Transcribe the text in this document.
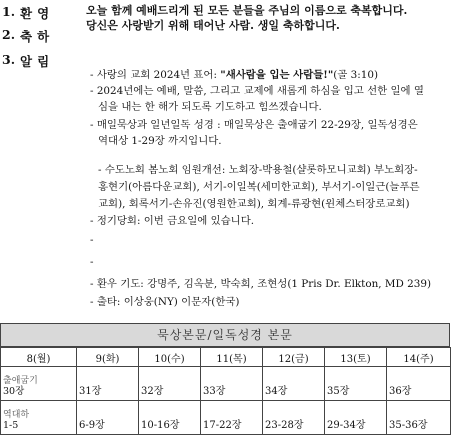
1. 환영	오늘 함께 예배드리게 된 모든 분들을 주님의 이름으로 축복합니다.
2. 축하
당신은 사랑받기 위해 태어난 사람. 생일 축하합니다.
3. 알림
- 사랑의 교회 2024년 표어: "새사람을 입는 사람들!"(골 3:10)
- 2024년에는 예배, 말씀, 그리고 교제에 새롭게 하심을 입고 선한 일에 열
심을 내는 한 해가 되도록 기도하고 힘쓰겠습니다.
- 매일묵상과 일년일독 성경 : 매일묵상은 출애굽기 22-29장, 일독성경은
역대상 1-29장 까지입니다.
- 수도노회 봄노회 임원개선: 노회장-박용철(샬롯하모니교회) 부노회장-
홍현기(아름다운교회), 서기-이일복(세미한교회), 부서기-이일근(늘푸른
교회), 회록서기-손유진(영원한교회), 회계-류광현(윈체스터장로교회)
- 정기당회: 이번 금요일에 있습니다.
-
-
- 환우 기도: 강명주, 김옥분, 박숙희, 조현성(1 Pris Dr. Elkton, MD 239)
- 출타: 이상웅(NY) 이문자(한국)
묵상본문/일독성경 본문
8(월)	9(화)	10(수)	11(목)	12(금)	13(토)	14(주)

출애굽기
30장	31장	32장	33장	34장	35장	36장

역대하
1-5	6-9장	10-16장	17-22장	23-28장	29-34장	35-36장
